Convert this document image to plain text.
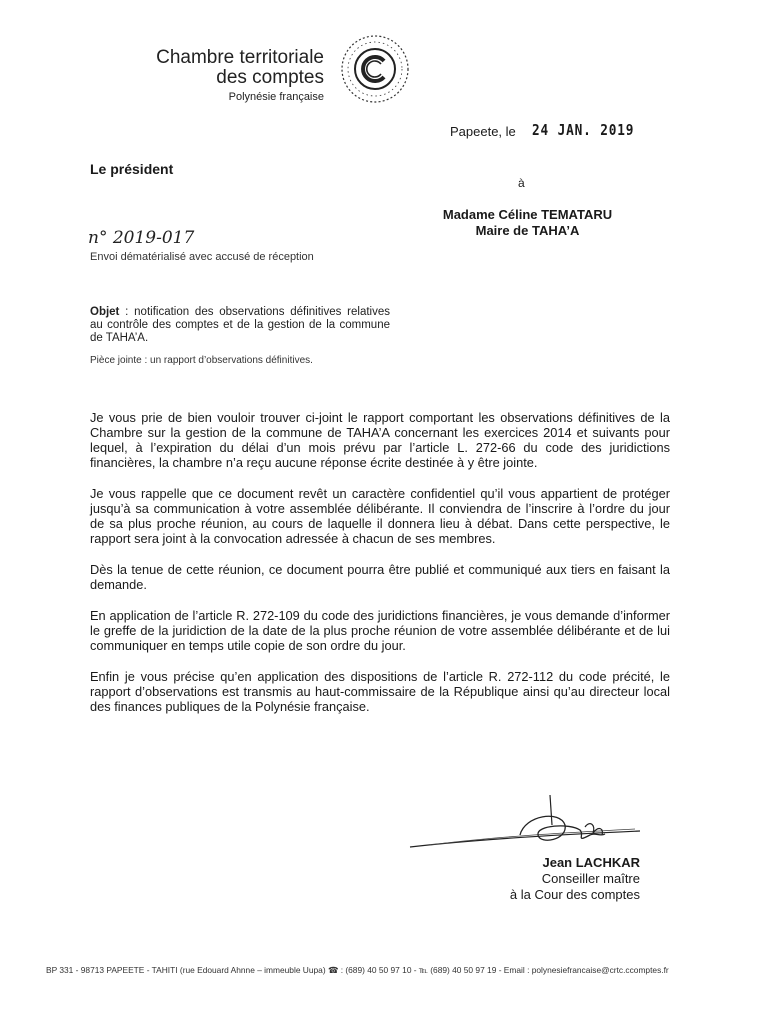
Chambre territoriale
des comptes
Polynésie française
Papeete, le 24 JAN. 2019
Le président
à
Madame Céline TEMATARU
Maire de TAHA’A
n° 2019-017
Envoi dématérialisé avec accusé de réception
Objet : notification des observations définitives relatives au contrôle des comptes et de la gestion de la commune de TAHA’A.
Pièce jointe : un rapport d’observations définitives.

Je vous prie de bien vouloir trouver ci-joint le rapport comportant les observations définitives de la Chambre sur la gestion de la commune de TAHA’A concernant les exercices 2014 et suivants pour lequel, à l’expiration du délai d’un mois prévu par l’article L. 272-66 du code des juridictions financières, la chambre n’a reçu aucune réponse écrite destinée à y être jointe.

Je vous rappelle que ce document revêt un caractère confidentiel qu’il vous appartient de protéger jusqu’à sa communication à votre assemblée délibérante. Il conviendra de l’inscrire à l’ordre du jour de sa plus proche réunion, au cours de laquelle il donnera lieu à débat. Dans cette perspective, le rapport sera joint à la convocation adressée à chacun de ses membres.

Dès la tenue de cette réunion, ce document pourra être publié et communiqué aux tiers en faisant la demande.

En application de l’article R. 272-109 du code des juridictions financières, je vous demande d’informer le greffe de la juridiction de la date de la plus proche réunion de votre assemblée délibérante et de lui communiquer en temps utile copie de son ordre du jour.

Enfin je vous précise qu’en application des dispositions de l’article R. 272-112 du code précité, le rapport d’observations est transmis au haut-commissaire de la République ainsi qu’au directeur local des finances publiques de la Polynésie française.

Jean LACHKAR
Conseiller maître
à la Cour des comptes
BP 331 - 98713 PAPEETE - TAHITI (rue Edouard Ahnne – immeuble Uupa) ☎ : (689) 40 50 97 10 - ℡ (689) 40 50 97 19 - Email : polynesiefrancaise@crtc.ccomptes.fr
